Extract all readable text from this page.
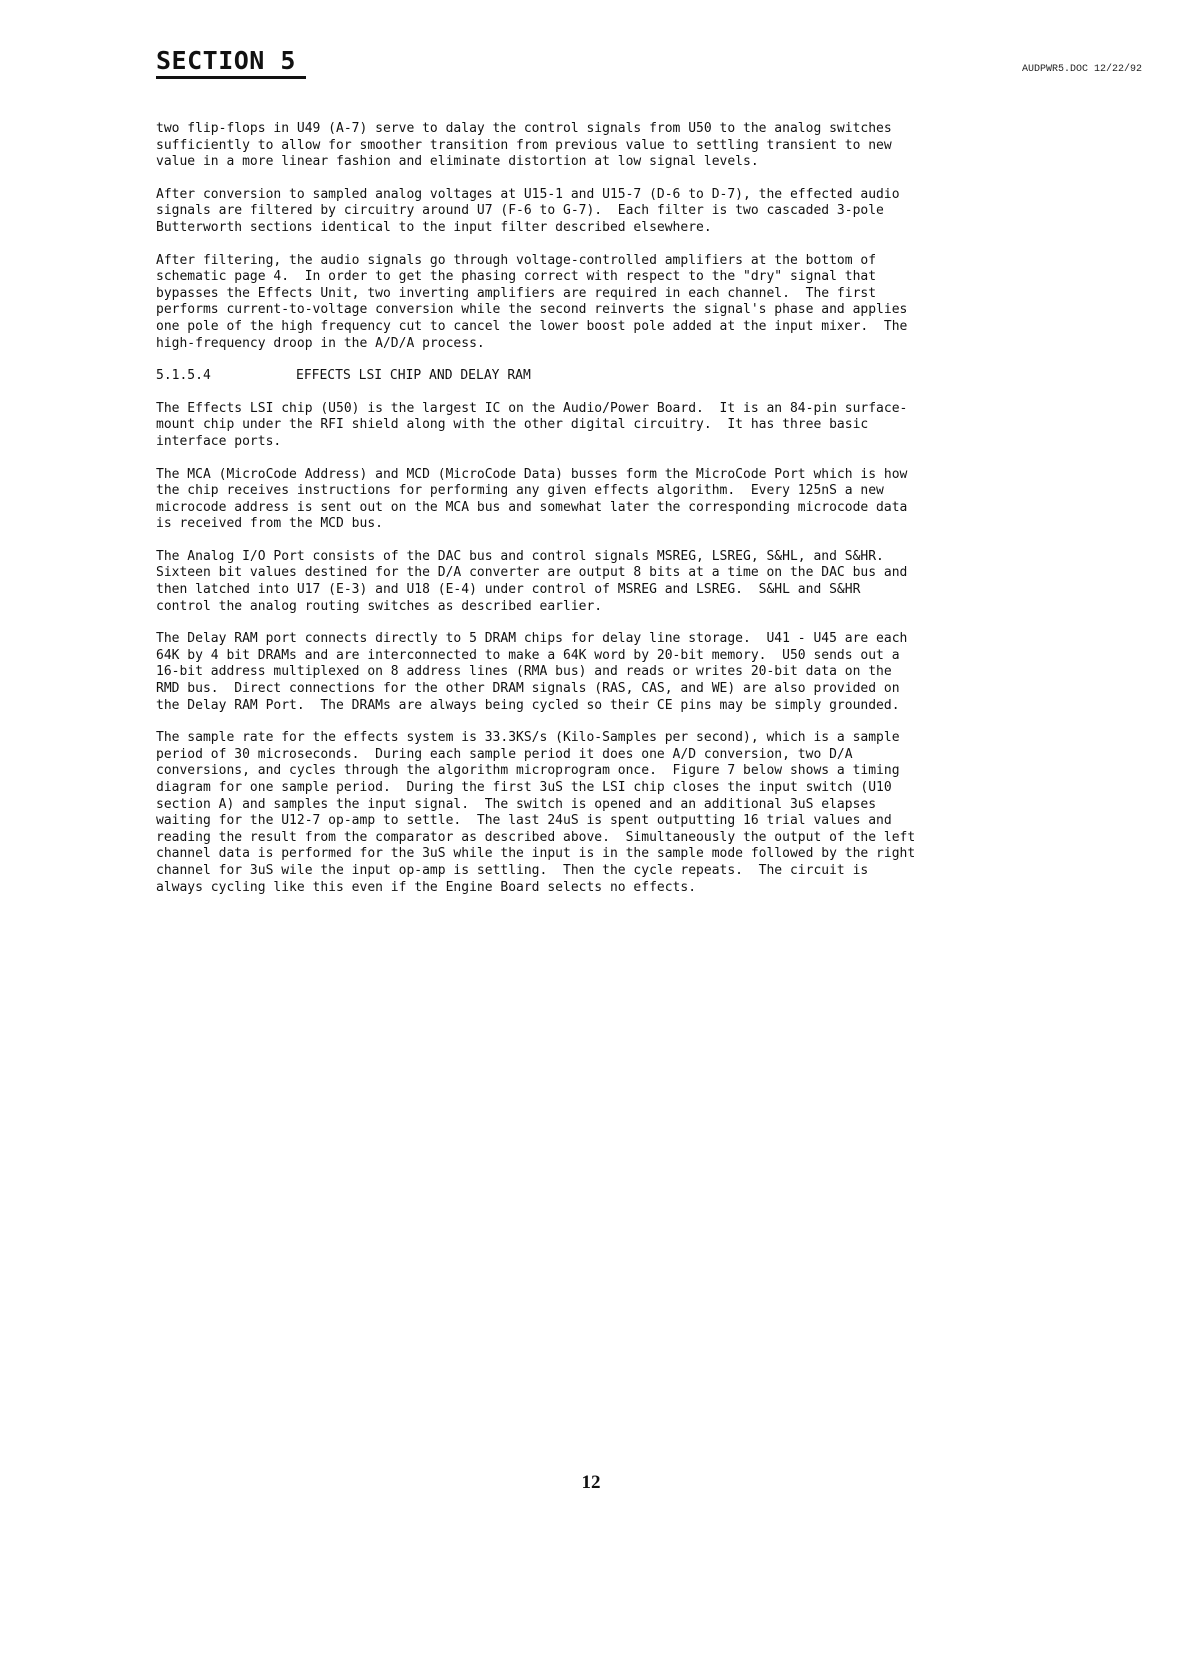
SECTION 5	AUDPWR5.DOC 12/22/92

two flip-flops in U49 (A-7) serve to dalay the control signals from U50 to the analog switches
sufficiently to allow for smoother transition from previous value to settling transient to new
value in a more linear fashion and eliminate distortion at low signal levels.

After conversion to sampled analog voltages at U15-1 and U15-7 (D-6 to D-7), the effected audio
signals are filtered by circuitry around U7 (F-6 to G-7).  Each filter is two cascaded 3-pole
Butterworth sections identical to the input filter described elsewhere.

After filtering, the audio signals go through voltage-controlled amplifiers at the bottom of
schematic page 4.  In order to get the phasing correct with respect to the "dry" signal that
bypasses the Effects Unit, two inverting amplifiers are required in each channel.  The first
performs current-to-voltage conversion while the second reinverts the signal's phase and applies
one pole of the high frequency cut to cancel the lower boost pole added at the input mixer.  The
high-frequency droop in the A/D/A process.

5.1.5.4	EFFECTS LSI CHIP AND DELAY RAM

The Effects LSI chip (U50) is the largest IC on the Audio/Power Board.  It is an 84-pin surface-
mount chip under the RFI shield along with the other digital circuitry.  It has three basic
interface ports.

The MCA (MicroCode Address) and MCD (MicroCode Data) busses form the MicroCode Port which is how
the chip receives instructions for performing any given effects algorithm.  Every 125nS a new
microcode address is sent out on the MCA bus and somewhat later the corresponding microcode data
is received from the MCD bus.

The Analog I/O Port consists of the DAC bus and control signals MSREG, LSREG, S&HL, and S&HR.
Sixteen bit values destined for the D/A converter are output 8 bits at a time on the DAC bus and
then latched into U17 (E-3) and U18 (E-4) under control of MSREG and LSREG.  S&HL and S&HR
control the analog routing switches as described earlier.

The Delay RAM port connects directly to 5 DRAM chips for delay line storage.  U41 - U45 are each
64K by 4 bit DRAMs and are interconnected to make a 64K word by 20-bit memory.  U50 sends out a
16-bit address multiplexed on 8 address lines (RMA bus) and reads or writes 20-bit data on the
RMD bus.  Direct connections for the other DRAM signals (RAS, CAS, and WE) are also provided on
the Delay RAM Port.  The DRAMs are always being cycled so their CE pins may be simply grounded.

The sample rate for the effects system is 33.3KS/s (Kilo-Samples per second), which is a sample
period of 30 microseconds.  During each sample period it does one A/D conversion, two D/A
conversions, and cycles through the algorithm microprogram once.  Figure 7 below shows a timing
diagram for one sample period.  During the first 3uS the LSI chip closes the input switch (U10
section A) and samples the input signal.  The switch is opened and an additional 3uS elapses
waiting for the U12-7 op-amp to settle.  The last 24uS is spent outputting 16 trial values and
reading the result from the comparator as described above.  Simultaneously the output of the left
channel data is performed for the 3uS while the input is in the sample mode followed by the right
channel for 3uS wile the input op-amp is settling.  Then the cycle repeats.  The circuit is
always cycling like this even if the Engine Board selects no effects.

12
